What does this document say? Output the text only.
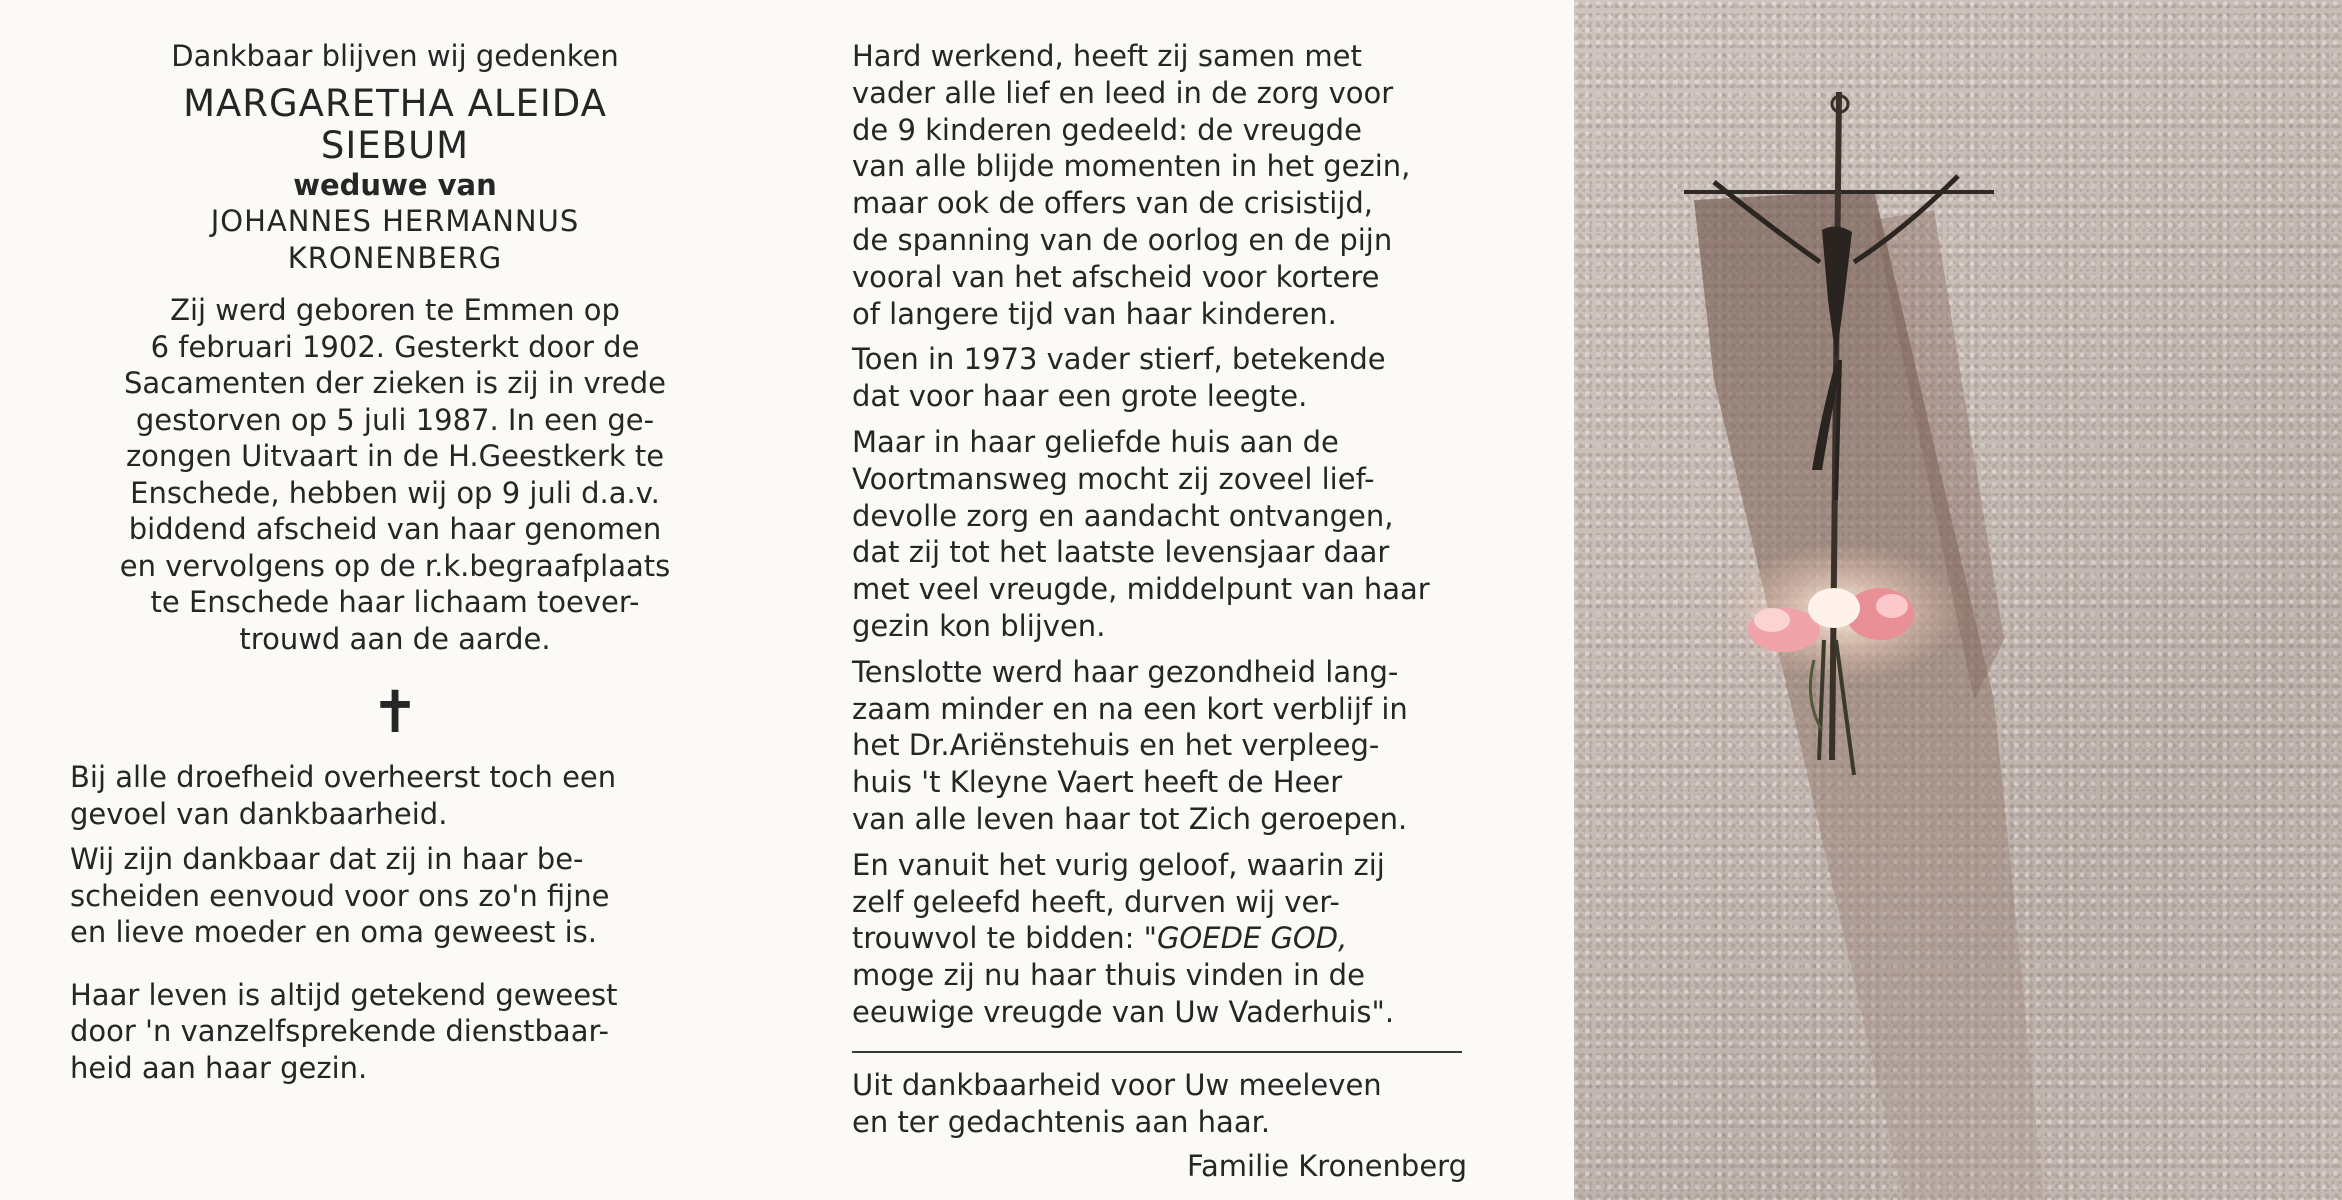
Dankbaar blijven wij gedenken
MARGARETHA ALEIDA
SIEBUM
weduwe van
JOHANNES HERMANNUS
KRONENBERG
Zij werd geboren te Emmen op
6 februari 1902. Gesterkt door de
Sacamenten der zieken is zij in vrede
gestorven op 5 juli 1987. In een ge-
zongen Uitvaart in de H.Geestkerk te
Enschede, hebben wij op 9 juli d.a.v.
biddend afscheid van haar genomen
en vervolgens op de r.k.begraafplaats
te Enschede haar lichaam toever-
trouwd aan de aarde.
✝
Bij alle droefheid overheerst toch een
gevoel van dankbaarheid.
Wij zijn dankbaar dat zij in haar be-
scheiden eenvoud voor ons zo'n fijne
en lieve moeder en oma geweest is.
Haar leven is altijd getekend geweest
door 'n vanzelfsprekende dienstbaar-
heid aan haar gezin.
Hard werkend, heeft zij samen met
vader alle lief en leed in de zorg voor
de 9 kinderen gedeeld: de vreugde
van alle blijde momenten in het gezin,
maar ook de offers van de crisistijd,
de spanning van de oorlog en de pijn
vooral van het afscheid voor kortere
of langere tijd van haar kinderen.
Toen in 1973 vader stierf, betekende
dat voor haar een grote leegte.
Maar in haar geliefde huis aan de
Voortmansweg mocht zij zoveel lief-
devolle zorg en aandacht ontvangen,
dat zij tot het laatste levensjaar daar
met veel vreugde, middelpunt van haar
gezin kon blijven.
Tenslotte werd haar gezondheid lang-
zaam minder en na een kort verblijf in
het Dr.Ariënstehuis en het verpleeg-
huis 't Kleyne Vaert heeft de Heer
van alle leven haar tot Zich geroepen.
En vanuit het vurig geloof, waarin zij
zelf geleefd heeft, durven wij ver-
trouwvol te bidden: "GOEDE GOD,
moge zij nu haar thuis vinden in de
eeuwige vreugde van Uw Vaderhuis".
Uit dankbaarheid voor Uw meeleven
en ter gedachtenis aan haar.
Familie Kronenberg
